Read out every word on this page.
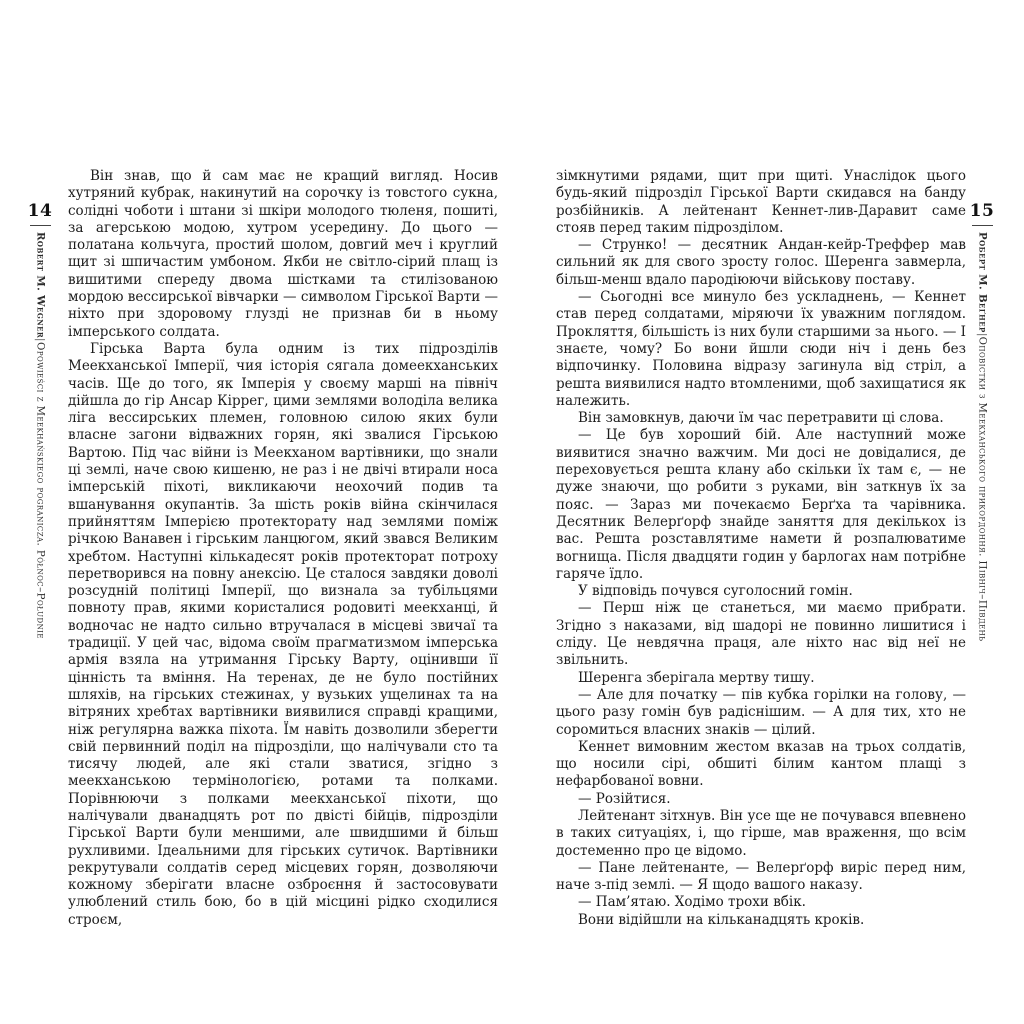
14
Robert M. Wegner|Opowieści z Meekhańskiego pogranicza. Północ–Południe
15
Роберт М. Веґнер|Оповістки з Меекханського прикордоння. Північ–Південь

Він знав, що й сам має не кращий вигляд. Носив хутряний кубрак, накинутий на сорочку із товстого сукна, солідні чоботи і штани зі шкіри молодого тюленя, пошиті, за агерською модою, хутром усередину. До цього — полатана кольчуга, простий шолом, довгий меч і круглий щит зі шпичастим умбоном. Якби не світло-сірий плащ із вишитими спереду двома шістками та стилізованою мордою вессирської вівчарки — символом Гірської Варти — ніхто при здоровому глузді не признав би в ньому імперського солдата.

Гірська Варта була одним із тих підрозділів Меекханської Імперії, чия історія сягала домеекханських часів. Ще до того, як Імперія у своєму марші на північ дійшла до гір Ансар Кіррег, цими землями володіла велика ліга вессирських племен, головною силою яких були власне загони відважних горян, які звалися Гірською Вартою. Під час війни із Меекханом вартівники, що знали ці землі, наче свою кишеню, не раз і не двічі втирали носа імперській піхоті, викликаючи неохочий подив та вшанування окупантів. За шість років війна скінчилася прийняттям Імперією протекторату над землями поміж річкою Ванавен і гірським ланцюгом, який звався Великим хребтом. Наступні кількадесят років протекторат потроху перетворився на повну анексію. Це сталося завдяки доволі розсудній політиці Імперії, що визнала за тубільцями повноту прав, якими користалися родовиті меекханці, й водночас не надто сильно втручалася в місцеві звичаї та традиції. У цей час, відома своїм прагматизмом імперська армія взяла на утримання Гірську Варту, оцінивши її цінність та вміння. На теренах, де не було постійних шляхів, на гірських стежинах, у вузьких ущелинах та на вітряних хребтах вартівники виявилися справді кращими, ніж регулярна важка піхота. Їм навіть дозволили зберегти свій первинний поділ на підрозділи, що налічували сто та тисячу людей, але які стали зватися, згідно з меекханською термінологією, ротами та полками. Порівнюючи з полками меекханської піхоти, що налічували дванадцять рот по двісті бійців, підрозділи Гірської Варти були меншими, але швидшими й більш рухливими. Ідеальними для гірських сутичок. Вартівники рекрутували солдатів серед місцевих горян, дозволяючи кожному зберігати власне озброєння й застосовувати улюблений стиль бою, бо в цій місцині рідко сходилися строєм,

зімкнутими рядами, щит при щиті. Унаслідок цього будь-який підрозділ Гірської Варти скидався на банду розбійників. А лейтенант Кеннет-лив-Даравит саме стояв перед таким підрозділом.

— Струнко! — десятник Андан-кейр-Треффер мав сильний як для свого зросту голос. Шеренга завмерла, більш-менш вдало пародіюючи військову поставу.

— Сьогодні все минуло без ускладнень, — Кеннет став перед солдатами, міряючи їх уважним поглядом. Прокляття, більшість із них були старшими за нього. — І знаєте, чому? Бо вони йшли сюди ніч і день без відпочинку. Половина відразу загинула від стріл, а решта виявилися надто втомленими, щоб захищатися як належить.

Він замовкнув, даючи їм час перетравити ці слова.

— Це був хороший бій. Але наступний може виявитися значно важчим. Ми досі не довідалися, де переховується решта клану або скільки їх там є, — не дуже знаючи, що робити з руками, він заткнув їх за пояс. — Зараз ми почекаємо Берґха та чарівника. Десятник Велерґорф знайде заняття для декількох із вас. Решта розставлятиме намети й розпалюватиме вогнища. Після двадцяти годин у барлогах нам потрібне гаряче їдло.

У відповідь почувся суголосний гомін.

— Перш ніж це станеться, ми маємо прибрати. Згідно з наказами, від шадорі не повинно лишитися і сліду. Це невдячна праця, але ніхто нас від неї не звільнить.

Шеренга зберігала мертву тишу.

— Але для початку — пів кубка горілки на голову, — цього разу гомін був радіснішим. — А для тих, хто не соромиться власних знаків — цілий.

Кеннет вимовним жестом вказав на трьох солдатів, що носили сірі, обшиті білим кантом плащі з нефарбованої вовни.

— Розійтися.

Лейтенант зітхнув. Він усе ще не почувався впевнено в таких ситуаціях, і, що гірше, мав враження, що всім достеменно про це відомо.

— Пане лейтенанте, — Велерґорф виріс перед ним, наче з-під землі. — Я щодо вашого наказу.

— Пам’ятаю. Ходімо трохи вбік.

Вони відійшли на кільканадцять кроків.
